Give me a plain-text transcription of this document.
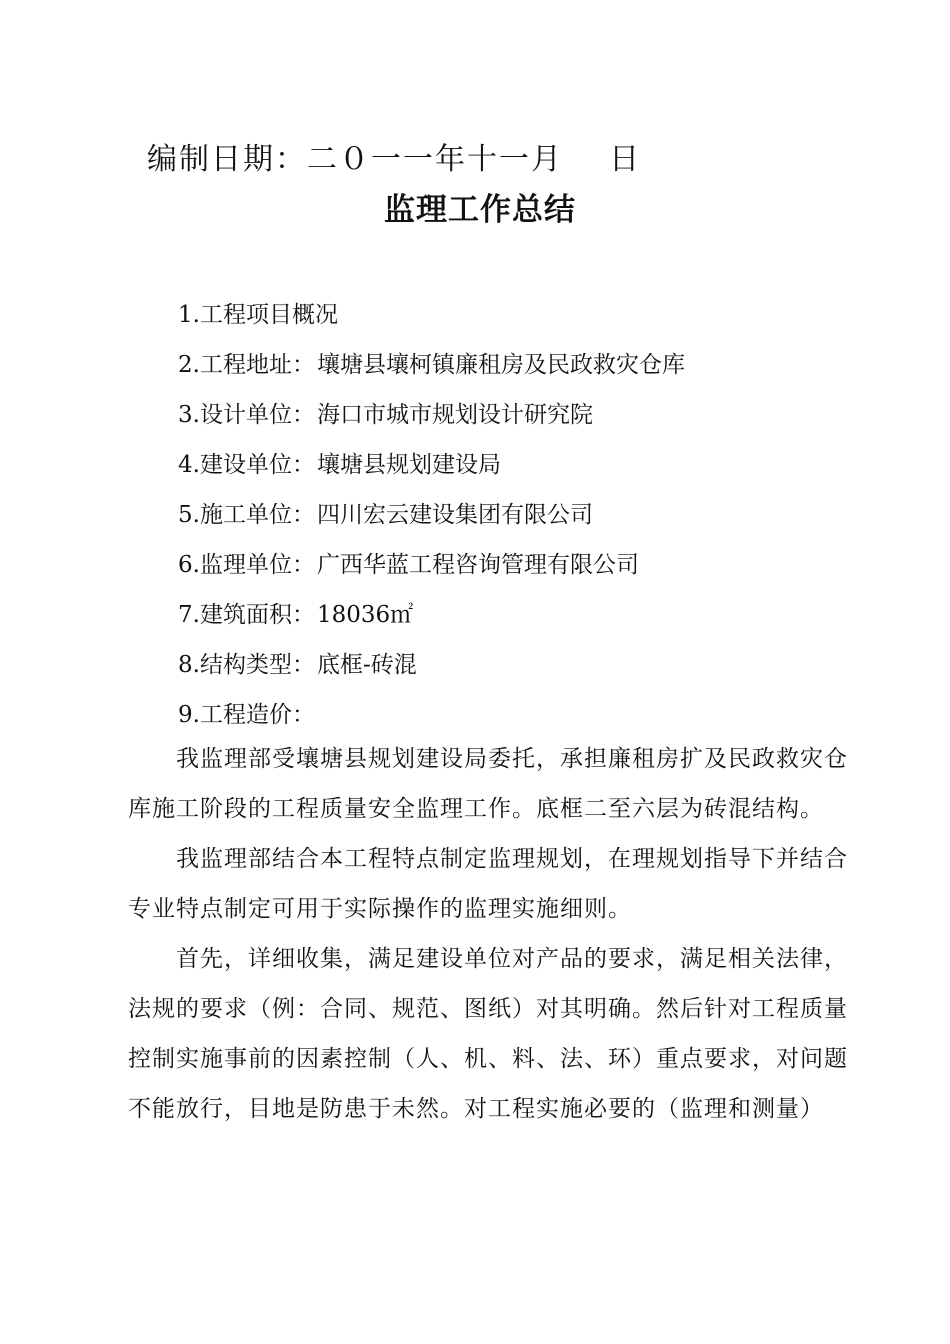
编制日期：二０一一年十一月    日
监理工作总结
1.工程项目概况
2.工程地址：壤塘县壤柯镇廉租房及民政救灾仓库
3.设计单位：海口市城市规划设计研究院
4.建设单位：壤塘县规划建设局
5.施工单位：四川宏云建设集团有限公司
6.监理单位：广西华蓝工程咨询管理有限公司
7.建筑面积：18036㎡
8.结构类型：底框-砖混
9.工程造价：

我监理部受壤塘县规划建设局委托，承担廉租房扩及民政救灾仓库施工阶段的工程质量安全监理工作。底框二至六层为砖混结构。

我监理部结合本工程特点制定监理规划，在理规划指导下并结合专业特点制定可用于实际操作的监理实施细则。

首先，详细收集，满足建设单位对产品的要求，满足相关法律，法规的要求（例：合同、规范、图纸）对其明确。然后针对工程质量控制实施事前的因素控制（人、机、料、法、环）重点要求，对问题不能放行，目地是防患于未然。对工程实施必要的（监理和测量）
